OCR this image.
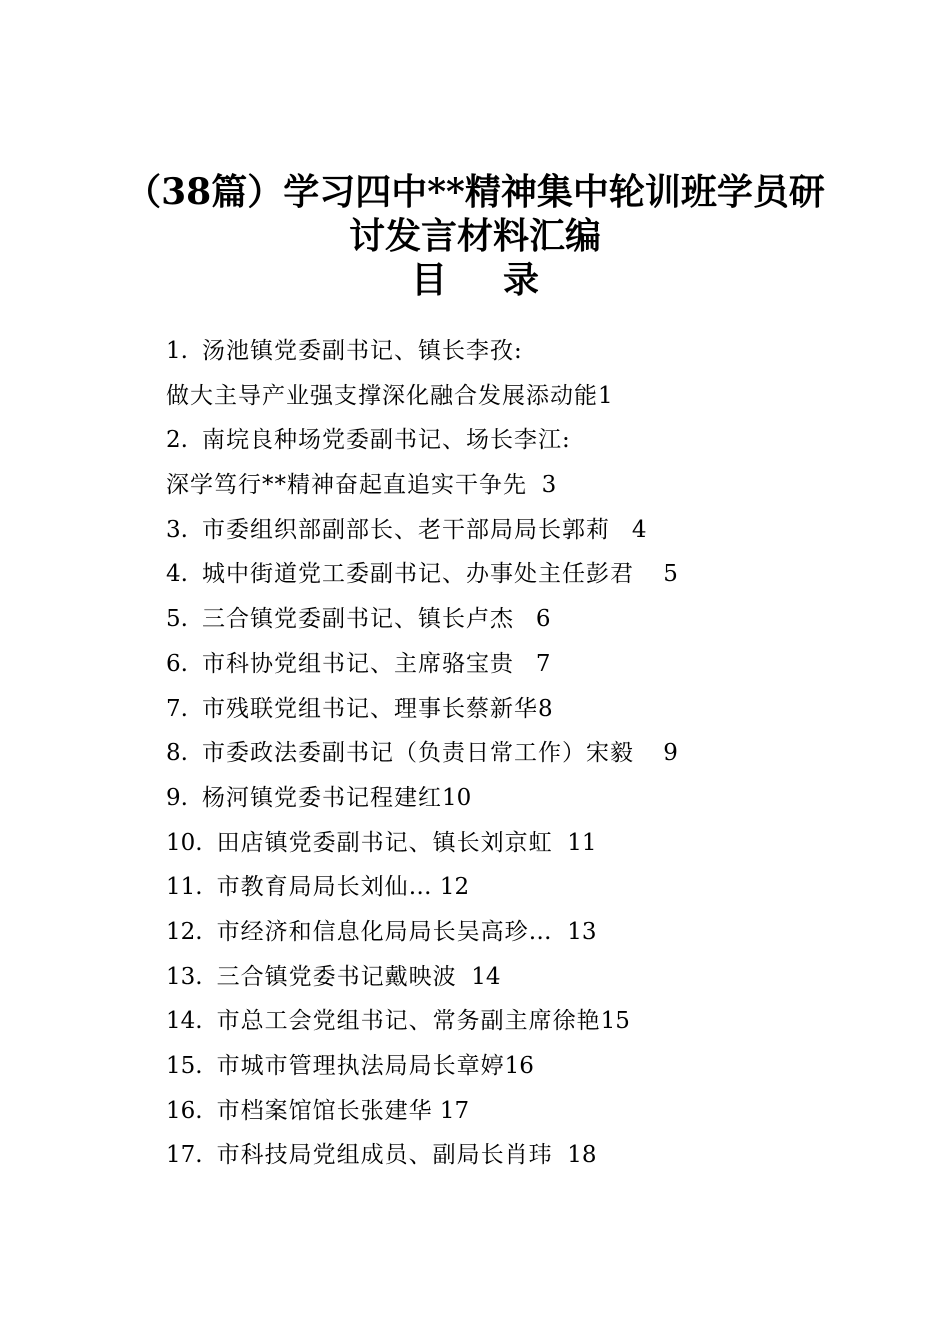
（38篇）学习四中**精神集中轮训班学员研
讨发言材料汇编
目录
1. 汤池镇党委副书记、镇长李孜:
做大主导产业强支撑深化融合发展添动能1
2. 南垸良种场党委副书记、场长李江:
深学笃行**精神奋起直追实干争先 3
3. 市委组织部副部长、老干部局局长郭莉 4
4. 城中街道党工委副书记、办事处主任彭君 5
5. 三合镇党委副书记、镇长卢杰 6
6. 市科协党组书记、主席骆宝贵 7
7. 市残联党组书记、理事长蔡新华8
8. 市委政法委副书记（负责日常工作）宋毅 9
9. 杨河镇党委书记程建红10
10. 田店镇党委副书记、镇长刘京虹 11
11. 市教育局局长刘仙… 12
12. 市经济和信息化局局长吴高珍… 13
13. 三合镇党委书记戴映波 14
14. 市总工会党组书记、常务副主席徐艳15
15. 市城市管理执法局局长章婷16
16. 市档案馆馆长张建华 17
17. 市科技局党组成员、副局长肖玮 18
